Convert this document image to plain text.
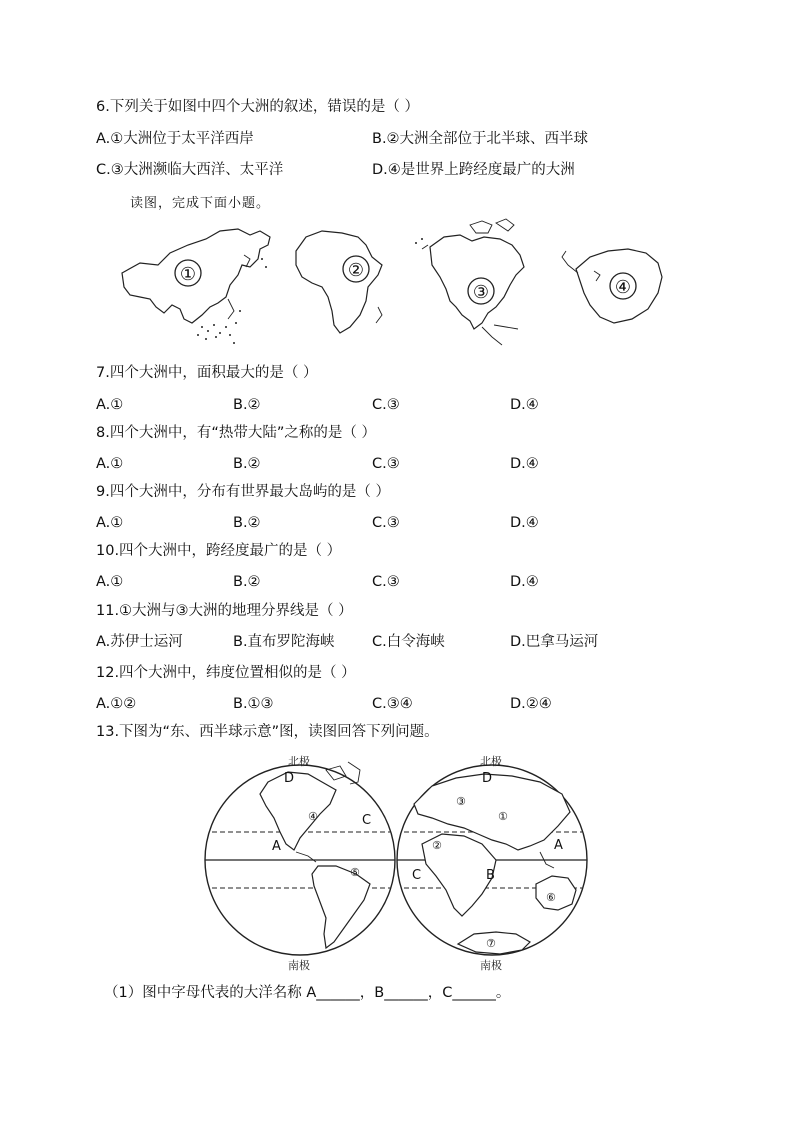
6.下列关于如图中四个大洲的叙述，错误的是（ ）
A.①大洲位于太平洋西岸	B.②大洲全部位于北半球、西半球
C.③大洲濒临大西洋、太平洋	D.④是世界上跨经度最广的大洲
读图，完成下面小题。
①	②
③	④
7.四个大洲中，面积最大的是（ ）
A.①	B.②	C.③	D.④
8.四个大洲中，有“热带大陆”之称的是（ ）
A.①	B.②	C.③	D.④
9.四个大洲中，分布有世界最大岛屿的是（ ）
A.①	B.②	C.③	D.④
10.四个大洲中，跨经度最广的是（ ）
A.①	B.②	C.③	D.④
11.①大洲与③大洲的地理分界线是（ ）
A.苏伊士运河	B.直布罗陀海峡	C.白令海峡	D.巴拿马运河
12.四个大洲中，纬度位置相似的是（ ）
A.①②	B.①③	C.③④	D.②④
13.下图为“东、西半球示意”图，读图回答下列问题。
北极
南极
D
C
A
④
⑤
北极
南极
D
A
B
C
①
②
③
⑥
⑦
（1）图中字母代表的大洋名称 A______，B______，C______。
